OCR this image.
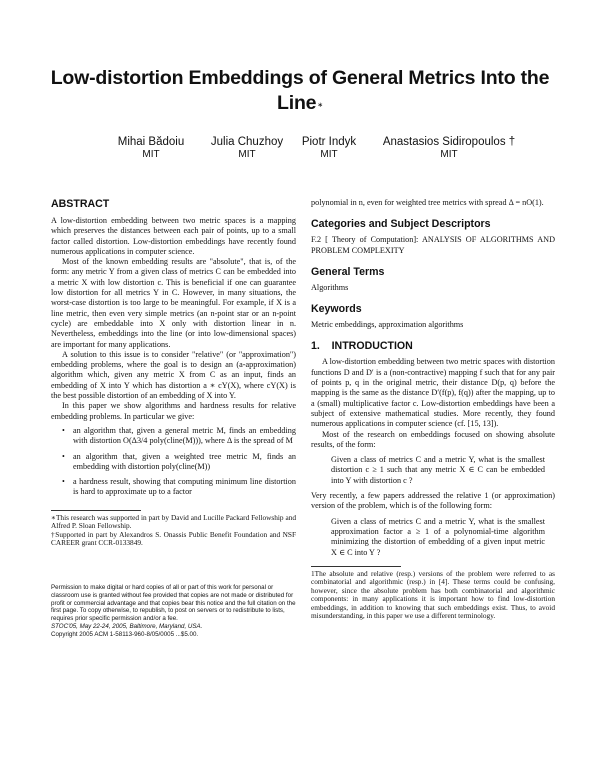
Low-distortion Embeddings of General Metrics Into the Line∗
Mihai Bădoiu
MIT
Julia Chuzhoy
MIT
Piotr Indyk
MIT
Anastasios Sidiropoulos †
MIT
ABSTRACT

A low-distortion embedding between two metric spaces is a mapping which preserves the distances between each pair of points, up to a small factor called distortion. Low-distortion embeddings have recently found numerous applications in computer science.

Most of the known embedding results are "absolute", that is, of the form: any metric Y from a given class of metrics C can be embedded into a metric X with low distortion c. This is beneficial if one can guarantee low distortion for all metrics Y in C. However, in many situations, the worst-case distortion is too large to be meaningful. For example, if X is a line metric, then even very simple metrics (an n-point star or an n-point cycle) are embeddable into X only with distortion linear in n. Nevertheless, embeddings into the line (or into low-dimensional spaces) are important for many applications.

A solution to this issue is to consider "relative" (or "approximation") embedding problems, where the goal is to design an (a-approximation) algorithm which, given any metric X from C as an input, finds an embedding of X into Y which has distortion a ∗ cY(X), where cY(X) is the best possible distortion of an embedding of X into Y.

In this paper we show algorithms and hardness results for relative embedding problems. In particular we give:

• an algorithm that, given a general metric M, finds an embedding with distortion O(Δ3/4 poly(cline(M))), where Δ is the spread of M
• an algorithm that, given a weighted tree metric M, finds an embedding with distortion poly(cline(M))
• a hardness result, showing that computing minimum line distortion is hard to approximate up to a factor

∗This research was supported in part by David and Lucille Packard Fellowship and Alfred P. Sloan Fellowship.

†Supported in part by Alexandros S. Onassis Public Benefit Foundation and NSF CAREER grant CCR-0133849.

Permission to make digital or hard copies of all or part of this work for personal or classroom use is granted without fee provided that copies are not made or distributed for profit or commercial advantage and that copies bear this notice and the full citation on the first page. To copy otherwise, to republish, to post on servers or to redistribute to lists, requires prior specific permission and/or a fee.

STOC'05, May 22-24, 2005, Baltimore, Maryland, USA.

Copyright 2005 ACM 1-58113-960-8/05/0005 ...$5.00.

polynomial in n, even for weighted tree metrics with spread Δ = nO(1).

Categories and Subject Descriptors

F.2 [ Theory of Computation]: ANALYSIS OF ALGORITHMS AND PROBLEM COMPLEXITY

General Terms

Algorithms

Keywords

Metric embeddings, approximation algorithms

1.    INTRODUCTION

A low-distortion embedding between two metric spaces with distortion functions D and D′ is a (non-contractive) mapping f such that for any pair of points p, q in the original metric, their distance D(p, q) before the mapping is the same as the distance D′(f(p), f(q)) after the mapping, up to a (small) multiplicative factor c. Low-distortion embeddings have been a subject of extensive mathematical studies. More recently, they found numerous applications in computer science (cf. [15, 13]).

Most of the research on embeddings focused on showing absolute results, of the form:

Given a class of metrics C and a metric Y, what is the smallest distortion c ≥ 1 such that any metric X ∈ C can be embedded into Y with distortion c ?

Very recently, a few papers addressed the relative 1 (or approximation) version of the problem, which is of the following form:

Given a class of metrics C and a metric Y, what is the smallest approximation factor a ≥ 1 of a polynomial-time algorithm minimizing the distortion of embedding of a given input metric X ∈ C into Y ?

1The absolute and relative (resp.) versions of the problem were referred to as combinatorial and algorithmic (resp.) in [4]. These terms could be confusing, however, since the absolute problem has both combinatorial and algorithmic components: in many applications it is important how to find low-distortion embeddings, in addition to knowing that such embeddings exist. Thus, to avoid misunderstanding, in this paper we use a different terminology.
